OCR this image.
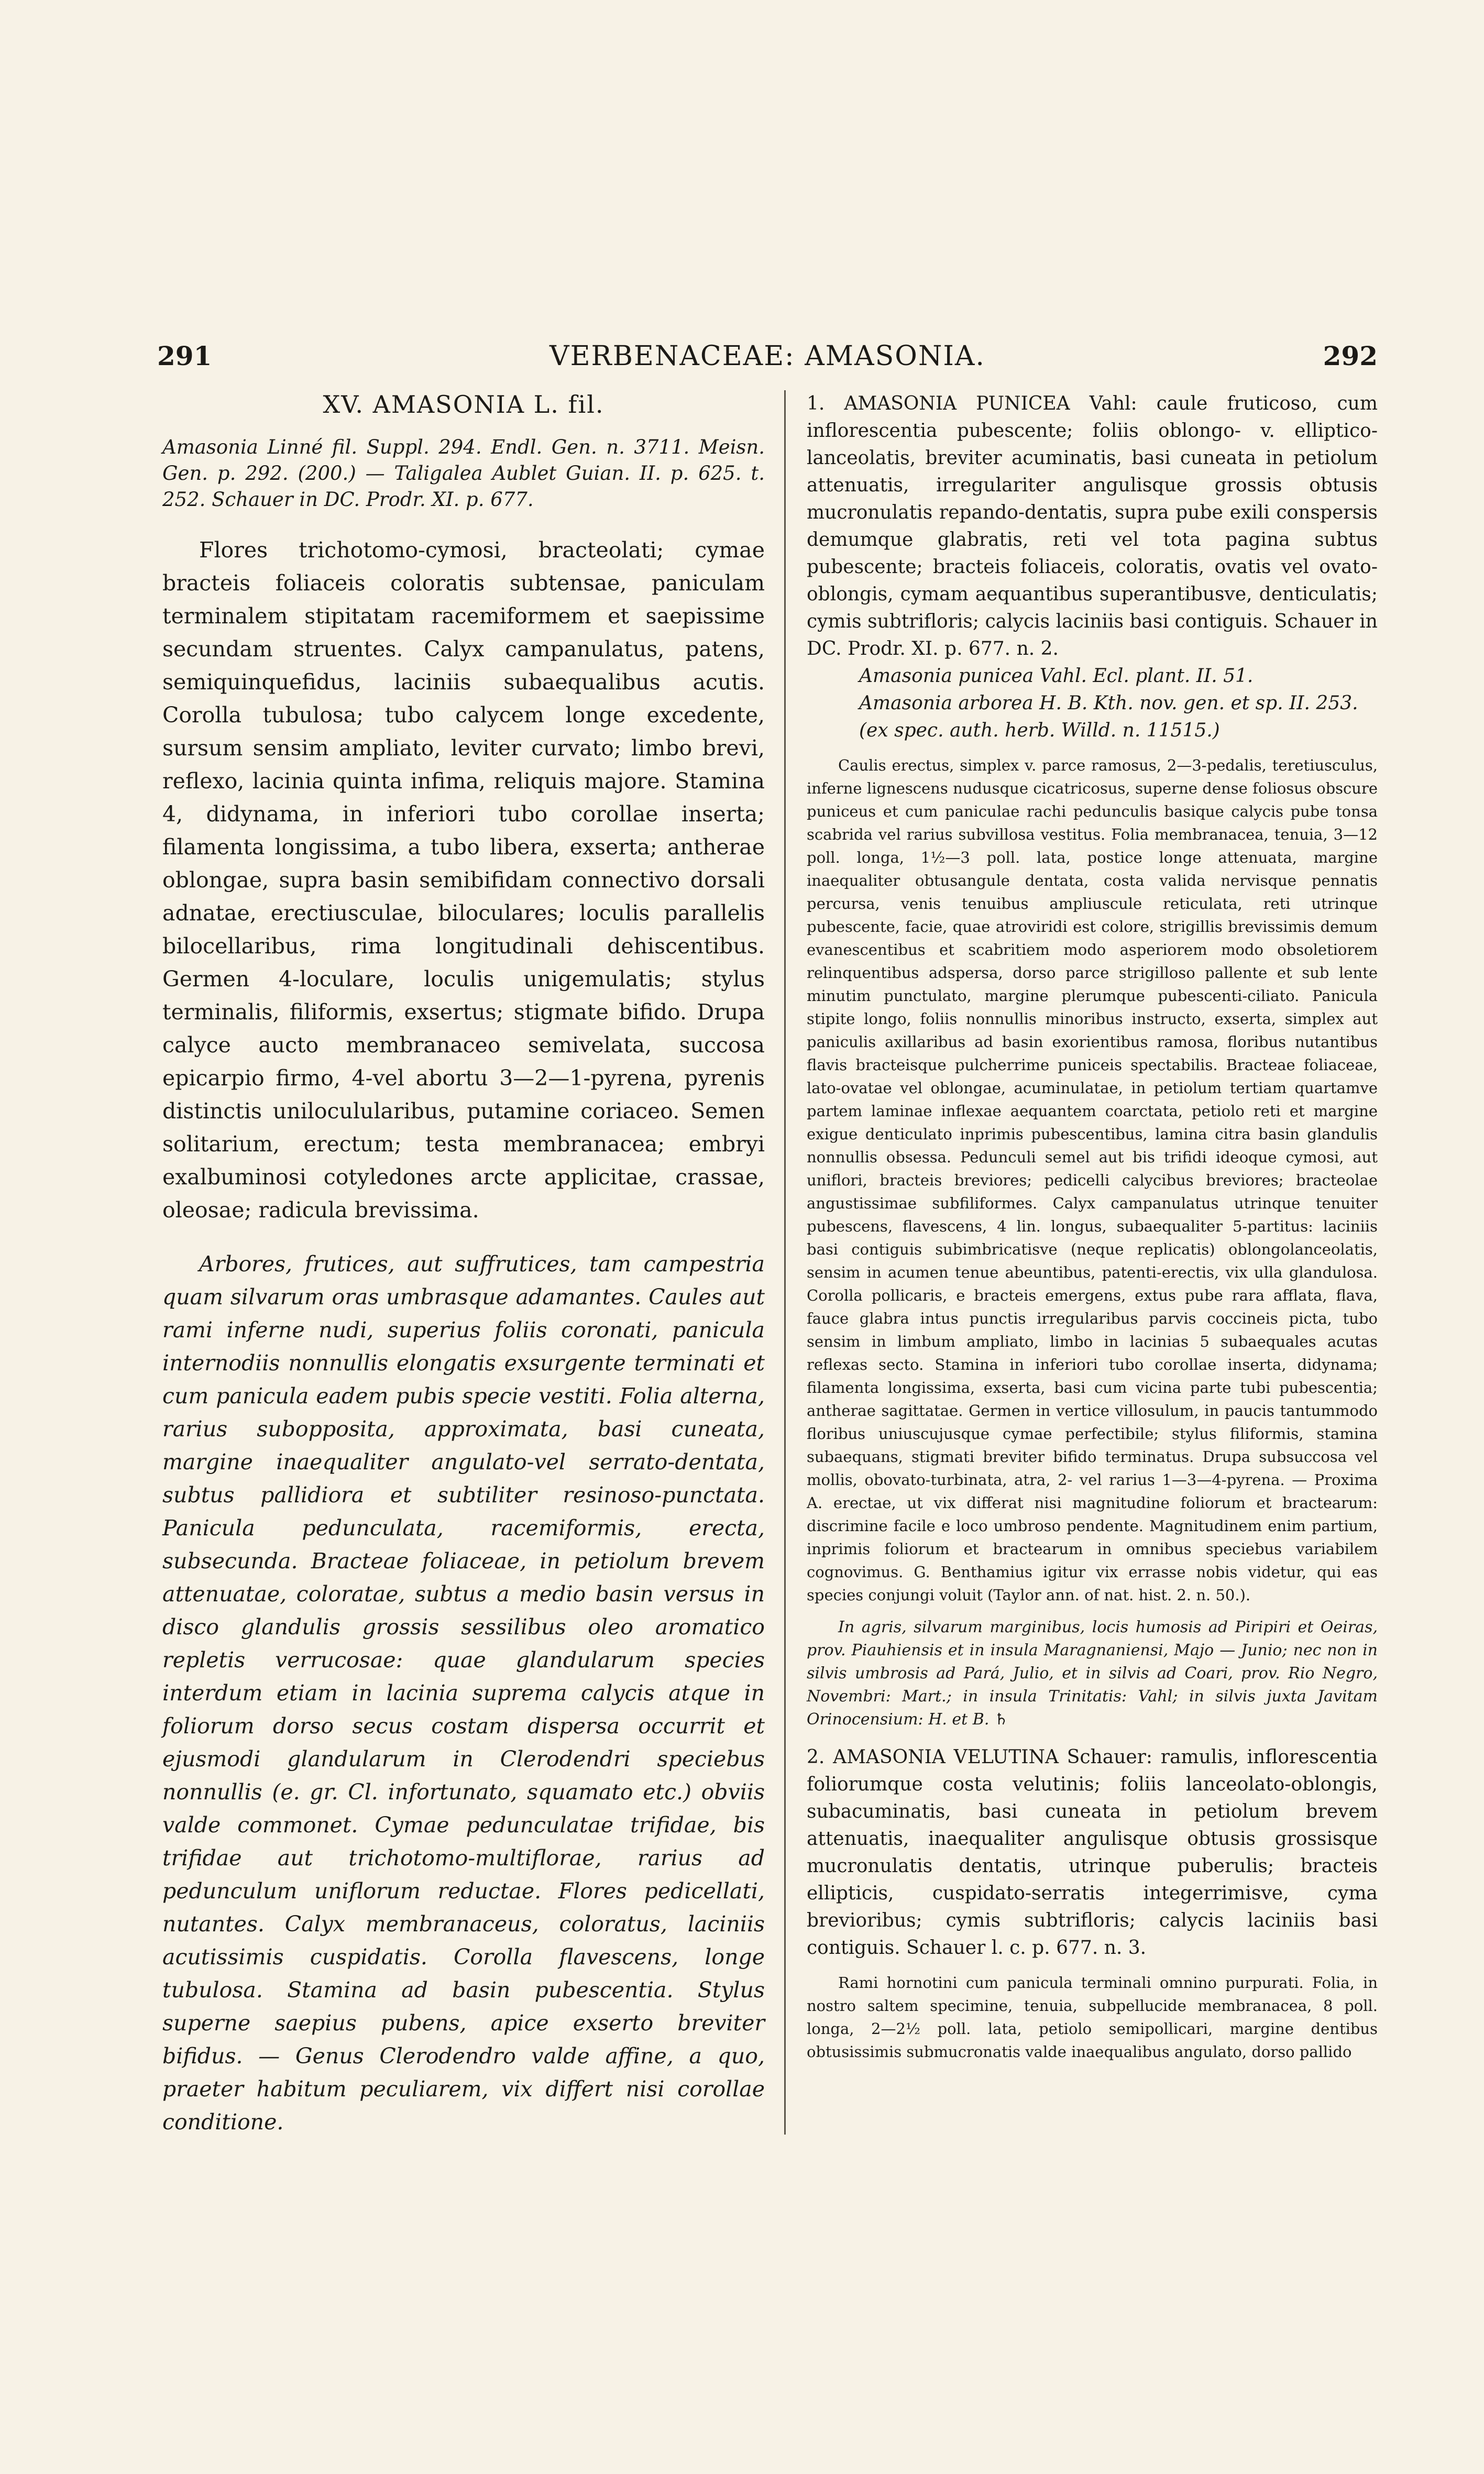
291	VERBENACEAE: AMASONIA.	292
XV. AMASONIA L. fil.
Amasonia Linné fil. Suppl. 294. Endl. Gen. n. 3711. Meisn. Gen. p. 292. (200.) — Taligalea Aublet Guian. II. p. 625. t. 252. Schauer in DC. Prodr. XI. p. 677.

Flores trichotomo-cymosi, bracteolati; cymae bracteis foliaceis coloratis subtensae, paniculam terminalem stipitatam racemiformem et saepissime secundam struentes. Calyx campanulatus, patens, semiquinquefidus, laciniis subaequalibus acutis. Corolla tubulosa; tubo calycem longe excedente, sursum sensim ampliato, leviter curvato; limbo brevi, reflexo, lacinia quinta infima, reliquis majore. Stamina 4, didynama, in inferiori tubo corollae inserta; filamenta longissima, a tubo libera, exserta; antherae oblongae, supra basin semibifidam connectivo dorsali adnatae, erectiusculae, biloculares; loculis parallelis bilocellaribus, rima longitudinali dehiscentibus. Germen 4-loculare, loculis unigemulatis; stylus terminalis, filiformis, exsertus; stigmate bifido. Drupa calyce aucto membranaceo semivelata, succosa epicarpio firmo, 4-vel abortu 3—2—1-pyrena, pyrenis distinctis uniloculularibus, putamine coriaceo. Semen solitarium, erectum; testa membranacea; embryi exalbuminosi cotyledones arcte applicitae, crassae, oleosae; radicula brevissima.

Arbores, frutices, aut suffrutices, tam campestria quam silvarum oras umbrasque adamantes. Caules aut rami inferne nudi, superius foliis coronati, panicula internodiis nonnullis elongatis exsurgente terminati et cum panicula eadem pubis specie vestiti. Folia alterna, rarius subopposita, approximata, basi cuneata, margine inaequaliter angulato-vel serrato-dentata, subtus pallidiora et subtiliter resinoso-punctata. Panicula pedunculata, racemiformis, erecta, subsecunda. Bracteae foliaceae, in petiolum brevem attenuatae, coloratae, subtus a medio basin versus in disco glandulis grossis sessilibus oleo aromatico repletis verrucosae: quae glandularum species interdum etiam in lacinia suprema calycis atque in foliorum dorso secus costam dispersa occurrit et ejusmodi glandularum in Clerodendri speciebus nonnullis (e. gr. Cl. infortunato, squamato etc.) obviis valde commonet. Cymae pedunculatae trifidae, bis trifidae aut trichotomo-multiflorae, rarius ad pedunculum uniflorum reductae. Flores pedicellati, nutantes. Calyx membranaceus, coloratus, laciniis acutissimis cuspidatis. Corolla flavescens, longe tubulosa. Stamina ad basin pubescentia. Stylus superne saepius pubens, apice exserto breviter bifidus. — Genus Clerodendro valde affine, a quo, praeter habitum peculiarem, vix differt nisi corollae conditione.

1. AMASONIA PUNICEA Vahl: caule fruticoso, cum inflorescentia pubescente; foliis oblongo- v. elliptico-lanceolatis, breviter acuminatis, basi cuneata in petiolum attenuatis, irregulariter angulisque grossis obtusis mucronulatis repando-dentatis, supra pube exili conspersis demumque glabratis, reti vel tota pagina subtus pubescente; bracteis foliaceis, coloratis, ovatis vel ovato-oblongis, cymam aequantibus superantibusve, denticulatis; cymis subtrifloris; calycis laciniis basi contiguis. Schauer in DC. Prodr. XI. p. 677. n. 2.

Amasonia punicea Vahl. Ecl. plant. II. 51.

Amasonia arborea H. B. Kth. nov. gen. et sp. II. 253. (ex spec. auth. herb. Willd. n. 11515.)

Caulis erectus, simplex v. parce ramosus, 2—3-pedalis, teretiusculus, inferne lignescens nudusque cicatricosus, superne dense foliosus obscure puniceus et cum paniculae rachi pedunculis basique calycis pube tonsa scabrida vel rarius subvillosa vestitus. Folia membranacea, tenuia, 3—12 poll. longa, 1½—3 poll. lata, postice longe attenuata, margine inaequaliter obtusangule dentata, costa valida nervisque pennatis percursa, venis tenuibus ampliuscule reticulata, reti utrinque pubescente, facie, quae atroviridi est colore, strigillis brevissimis demum evanescentibus et scabritiem modo asperiorem modo obsoletiorem relinquentibus adspersa, dorso parce strigilloso pallente et sub lente minutim punctulato, margine plerumque pubescenti-ciliato. Panicula stipite longo, foliis nonnullis minoribus instructo, exserta, simplex aut paniculis axillaribus ad basin exorientibus ramosa, floribus nutantibus flavis bracteisque pulcherrime puniceis spectabilis. Bracteae foliaceae, lato-ovatae vel oblongae, acuminulatae, in petiolum tertiam quartamve partem laminae inflexae aequantem coarctata, petiolo reti et margine exigue denticulato inprimis pubescentibus, lamina citra basin glandulis nonnullis obsessa. Pedunculi semel aut bis trifidi ideoque cymosi, aut uniflori, bracteis breviores; pedicelli calycibus breviores; bracteolae angustissimae subfiliformes. Calyx campanulatus utrinque tenuiter pubescens, flavescens, 4 lin. longus, subaequaliter 5-partitus: laciniis basi contiguis subimbricatisve (neque replicatis) oblongolanceolatis, sensim in acumen tenue abeuntibus, patenti-erectis, vix ulla glandulosa. Corolla pollicaris, e bracteis emergens, extus pube rara afflata, flava, fauce glabra intus punctis irregularibus parvis coccineis picta, tubo sensim in limbum ampliato, limbo in lacinias 5 subaequales acutas reflexas secto. Stamina in inferiori tubo corollae inserta, didynama; filamenta longissima, exserta, basi cum vicina parte tubi pubescentia; antherae sagittatae. Germen in vertice villosulum, in paucis tantummodo floribus uniuscujusque cymae perfectibile; stylus filiformis, stamina subaequans, stigmati breviter bifido terminatus. Drupa subsuccosa vel mollis, obovato-turbinata, atra, 2- vel rarius 1—3—4-pyrena. — Proxima A. erectae, ut vix differat nisi magnitudine foliorum et bractearum: discrimine facile e loco umbroso pendente. Magnitudinem enim partium, inprimis foliorum et bractearum in omnibus speciebus variabilem cognovimus. G. Benthamius igitur vix errasse nobis videtur, qui eas species conjungi voluit (Taylor ann. of nat. hist. 2. n. 50.).

In agris, silvarum marginibus, locis humosis ad Piripiri et Oeiras, prov. Piauhiensis et in insula Maragnaniensi, Majo — Junio; nec non in silvis umbrosis ad Pará, Julio, et in silvis ad Coari, prov. Rio Negro, Novembri: Mart.; in insula Trinitatis: Vahl; in silvis juxta Javitam Orinocensium: H. et B. ♄

2. AMASONIA VELUTINA Schauer: ramulis, inflorescentia foliorumque costa velutinis; foliis lanceolato-oblongis, subacuminatis, basi cuneata in petiolum brevem attenuatis, inaequaliter angulisque obtusis grossisque mucronulatis dentatis, utrinque puberulis; bracteis ellipticis, cuspidato-serratis integerrimisve, cyma brevioribus; cymis subtrifloris; calycis laciniis basi contiguis. Schauer l. c. p. 677. n. 3.

Rami hornotini cum panicula terminali omnino purpurati. Folia, in nostro saltem specimine, tenuia, subpellucide membranacea, 8 poll. longa, 2—2½ poll. lata, petiolo semipollicari, margine dentibus obtusissimis submucronatis valde inaequalibus angulato, dorso pallido
